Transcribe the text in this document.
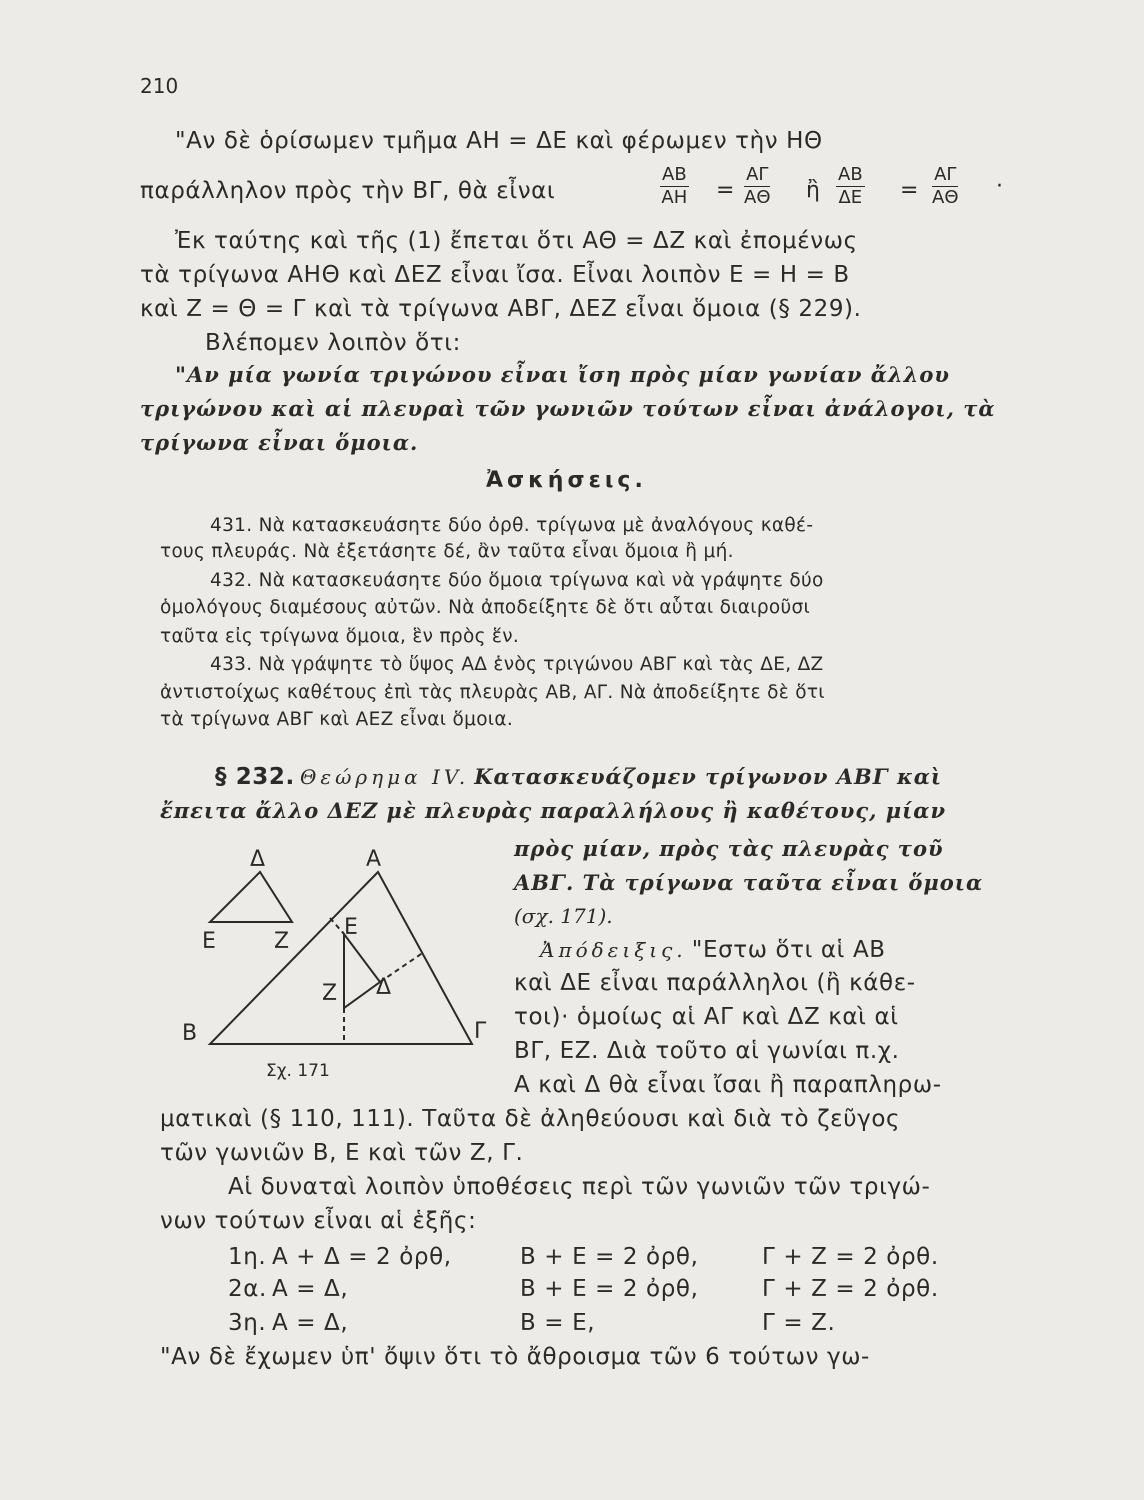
210
"Αν δὲ ὁρίσωμεν τμῆμα ΑΗ = ΔΕ καὶ φέρωμεν τὴν ΗΘ
παράλληλον πρὸς τὴν ΒΓ, θὰ εἶναι	$\frac{AB}{AH} = \frac{A\Gamma}{A\Theta}$ ἢ $\frac{AB}{\Delta E} = \frac{A\Gamma}{A\Theta}$ ·
Ἐκ ταύτης καὶ τῆς (1) ἔπεται ὅτι ΑΘ = ΔΖ καὶ ἐπομένως
τὰ τρίγωνα ΑΗΘ καὶ ΔΕΖ εἶναι ἴσα. Εἶναι λοιπὸν Ε = Η = Β
καὶ Ζ = Θ = Γ καὶ τὰ τρίγωνα ΑΒΓ, ΔΕΖ εἶναι ὅμοια (§ 229).
Βλέπομεν λοιπὸν ὅτι:
"Αν μία γωνία τριγώνου εἶναι ἴση πρὸς μίαν γωνίαν ἄλλου
τριγώνου καὶ αἱ πλευραὶ τῶν γωνιῶν τούτων εἶναι ἀνάλογοι, τὰ
τρίγωνα εἶναι ὅμοια.
Ἀσκήσεις.
431. Νὰ κατασκευάσητε δύο ὀρθ. τρίγωνα μὲ ἀναλόγους καθέ-
τους πλευράς. Νὰ ἐξετάσητε δέ, ἂν ταῦτα εἶναι ὅμοια ἢ μή.
432. Νὰ κατασκευάσητε δύο ὅμοια τρίγωνα καὶ νὰ γράψητε δύο
ὁμολόγους διαμέσους αὐτῶν. Νὰ ἀποδείξητε δὲ ὅτι αὗται διαιροῦσι
ταῦτα εἰς τρίγωνα ὅμοια, ἓν πρὸς ἕν.
433. Νὰ γράψητε τὸ ὕψος ΑΔ ἑνὸς τριγώνου ΑΒΓ καὶ τὰς ΔΕ, ΔΖ
ἀντιστοίχως καθέτους ἐπὶ τὰς πλευρὰς ΑΒ, ΑΓ. Νὰ ἀποδείξητε δὲ ὅτι
τὰ τρίγωνα ΑΒΓ καὶ ΑΕΖ εἶναι ὅμοια.
§ 232. Θεώρημα IV. Κατασκευάζομεν τρίγωνον ΑΒΓ καὶ
ἔπειτα ἄλλο ΔΕΖ μὲ πλευρὰς παραλλήλους ἢ καθέτους, μίαν
πρὸς μίαν, πρὸς τὰς πλευρὰς τοῦ
ΑΒΓ. Τὰ τρίγωνα ταῦτα εἶναι ὅμοια
(σχ. 171).
Ἀπόδειξις. "Εστω ὅτι αἱ ΑΒ
καὶ ΔΕ εἶναι παράλληλοι (ἢ κάθε-
τοι)· ὁμοίως αἱ ΑΓ καὶ ΔΖ καὶ αἱ
ΒΓ, ΕΖ. Διὰ τοῦτο αἱ γωνίαι π.χ.
Α καὶ Δ θὰ εἶναι ἴσαι ἢ παραπληρω-
ματικαὶ (§ 110, 111). Ταῦτα δὲ ἀληθεύουσι καὶ διὰ τὸ ζεῦγος
τῶν γωνιῶν Β, Ε καὶ τῶν Ζ, Γ.
Αἱ δυναταὶ λοιπὸν ὑποθέσεις περὶ τῶν γωνιῶν τῶν τριγώ-
νων τούτων εἶναι αἱ ἑξῆς:
Δ
Ε	Ζ
Α
Β	Γ
Ε
Ζ Δ
Σχ. 171
1η. Α + Δ = 2 ὀρθ,	Β + Ε = 2 ὀρθ,	Γ + Ζ = 2 ὀρθ.
2α. Α = Δ,	Β + Ε = 2 ὀρθ,	Γ + Ζ = 2 ὀρθ.
3η. Α = Δ,	Β = Ε,	Γ = Ζ.
"Αν δὲ ἔχωμεν ὑπ' ὄψιν ὅτι τὸ ἄθροισμα τῶν 6 τούτων γω-
